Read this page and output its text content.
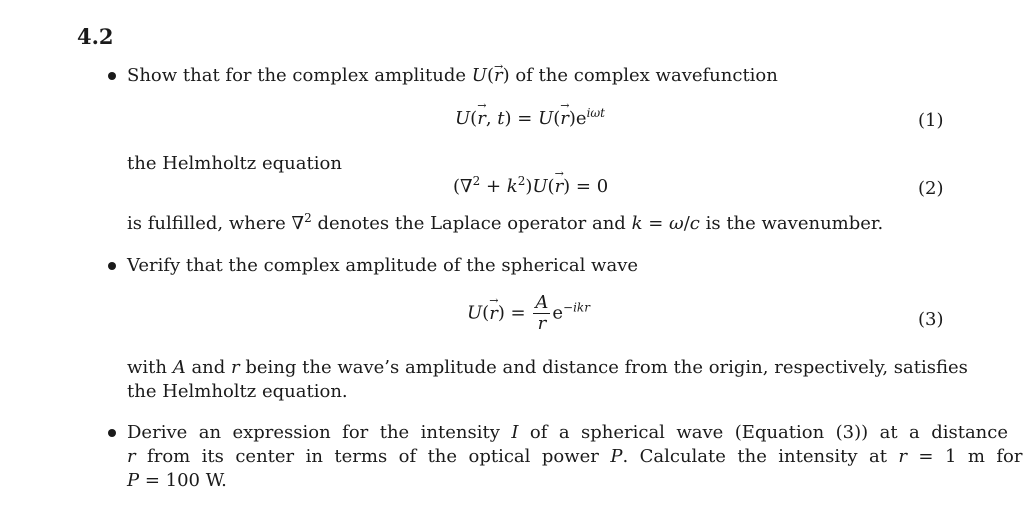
4.2
Show that for the complex amplitude U(→ r) of the complex wavefunction
U(→ r, $t) = U(\to r)e^{i\omega t}$	(1)
the Helmholtz equation
$(\nabla^2 + k^2)U(\to r) = 0$	(2)
is fulfilled, where ∇$^2$ denotes the Laplace operator and k = ω/c is the wavenumber.
Verify that the complex amplitude of the spherical wave
$U(\to r) = \frac{A}{r} e^{-ikr}$
(3)
with A and r being the wave’s amplitude and distance from the origin, respectively, satisfies
the Helmholtz equation.
Derive  an  expression  for  the  intensity  I  of  a  spherical  wave  (Equation  (3))  at  a  distance
r  from  its  center  in  terms  of  the  optical  power  P.  Calculate  the  intensity  at  r  =  1  m  for
P = 100 W.
